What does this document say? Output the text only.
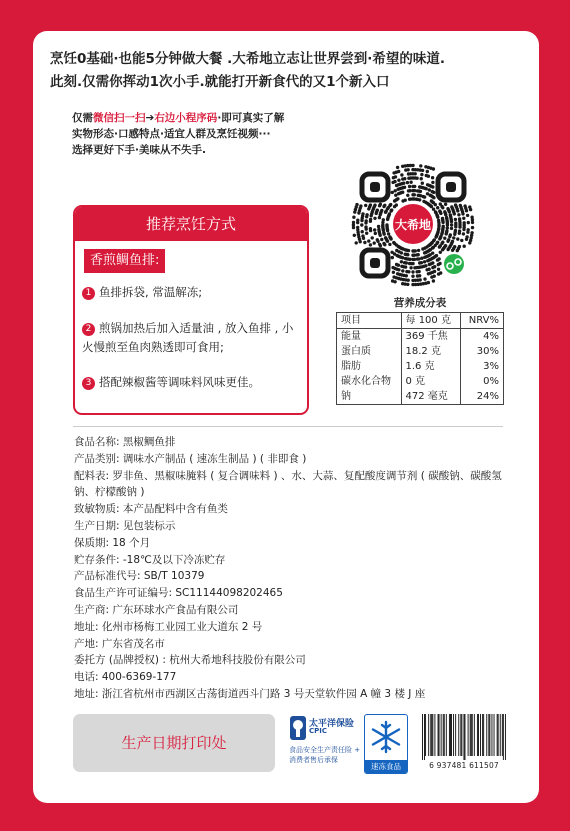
烹饪0基础·也能5分钟做大餐 .大希地立志让世界尝到·希望的味道.
此刻.仅需你挥动1次小手.就能打开新食代的又1个新入口
仅需微信扫一扫➔右边小程序码·即可真实了解
实物形态·口感特点·适宜人群及烹饪视频···
选择更好下手·美味从不失手.
大希地
推荐烹饪方式
香煎鲷鱼排:
1 鱼排拆袋, 常温解冻;
2 煎锅加热后加入适量油 , 放入鱼排 , 小火慢煎至鱼肉熟透即可食用;
3 搭配辣椒酱等调味料风味更佳。
营养成分表
项目	每 100 克	NRV%
能量	369 千焦	4%
蛋白质	18.2 克	30%
脂肪	1.6 克	3%
碳水化合物	0 克	0%
钠	472 毫克	24%
食品名称: 黑椒鲷鱼排
产品类别: 调味水产制品 ( 速冻生制品 ) ( 非即食 )
配料表: 罗非鱼、黑椒味腌料 ( 复合调味料 ) 、水、大蒜、复配酸度调节剂 ( 碳酸钠、碳酸氢钠、柠檬酸钠 )
致敏物质: 本产品配料中含有鱼类
生产日期: 见包装标示
保质期: 18 个月
贮存条件: -18℃及以下冷冻贮存
产品标准代号: SB/T 10379
食品生产许可证编号: SC11144098202465
生产商: 广东环球水产食品有限公司
地址: 化州市杨梅工业园工业大道东 2 号
产地: 广东省茂名市
委托方 (品牌授权) : 杭州大希地科技股份有限公司
电话: 400-6369-177
地址: 浙江省杭州市西湖区古荡街道西斗门路 3 号天堂软件园 A 幢 3 楼 J 座
生产日期打印处
太平洋保险
CPIC
食品安全生产责任险 +
消费者售后承保
速冻食品	6 937481 611507
